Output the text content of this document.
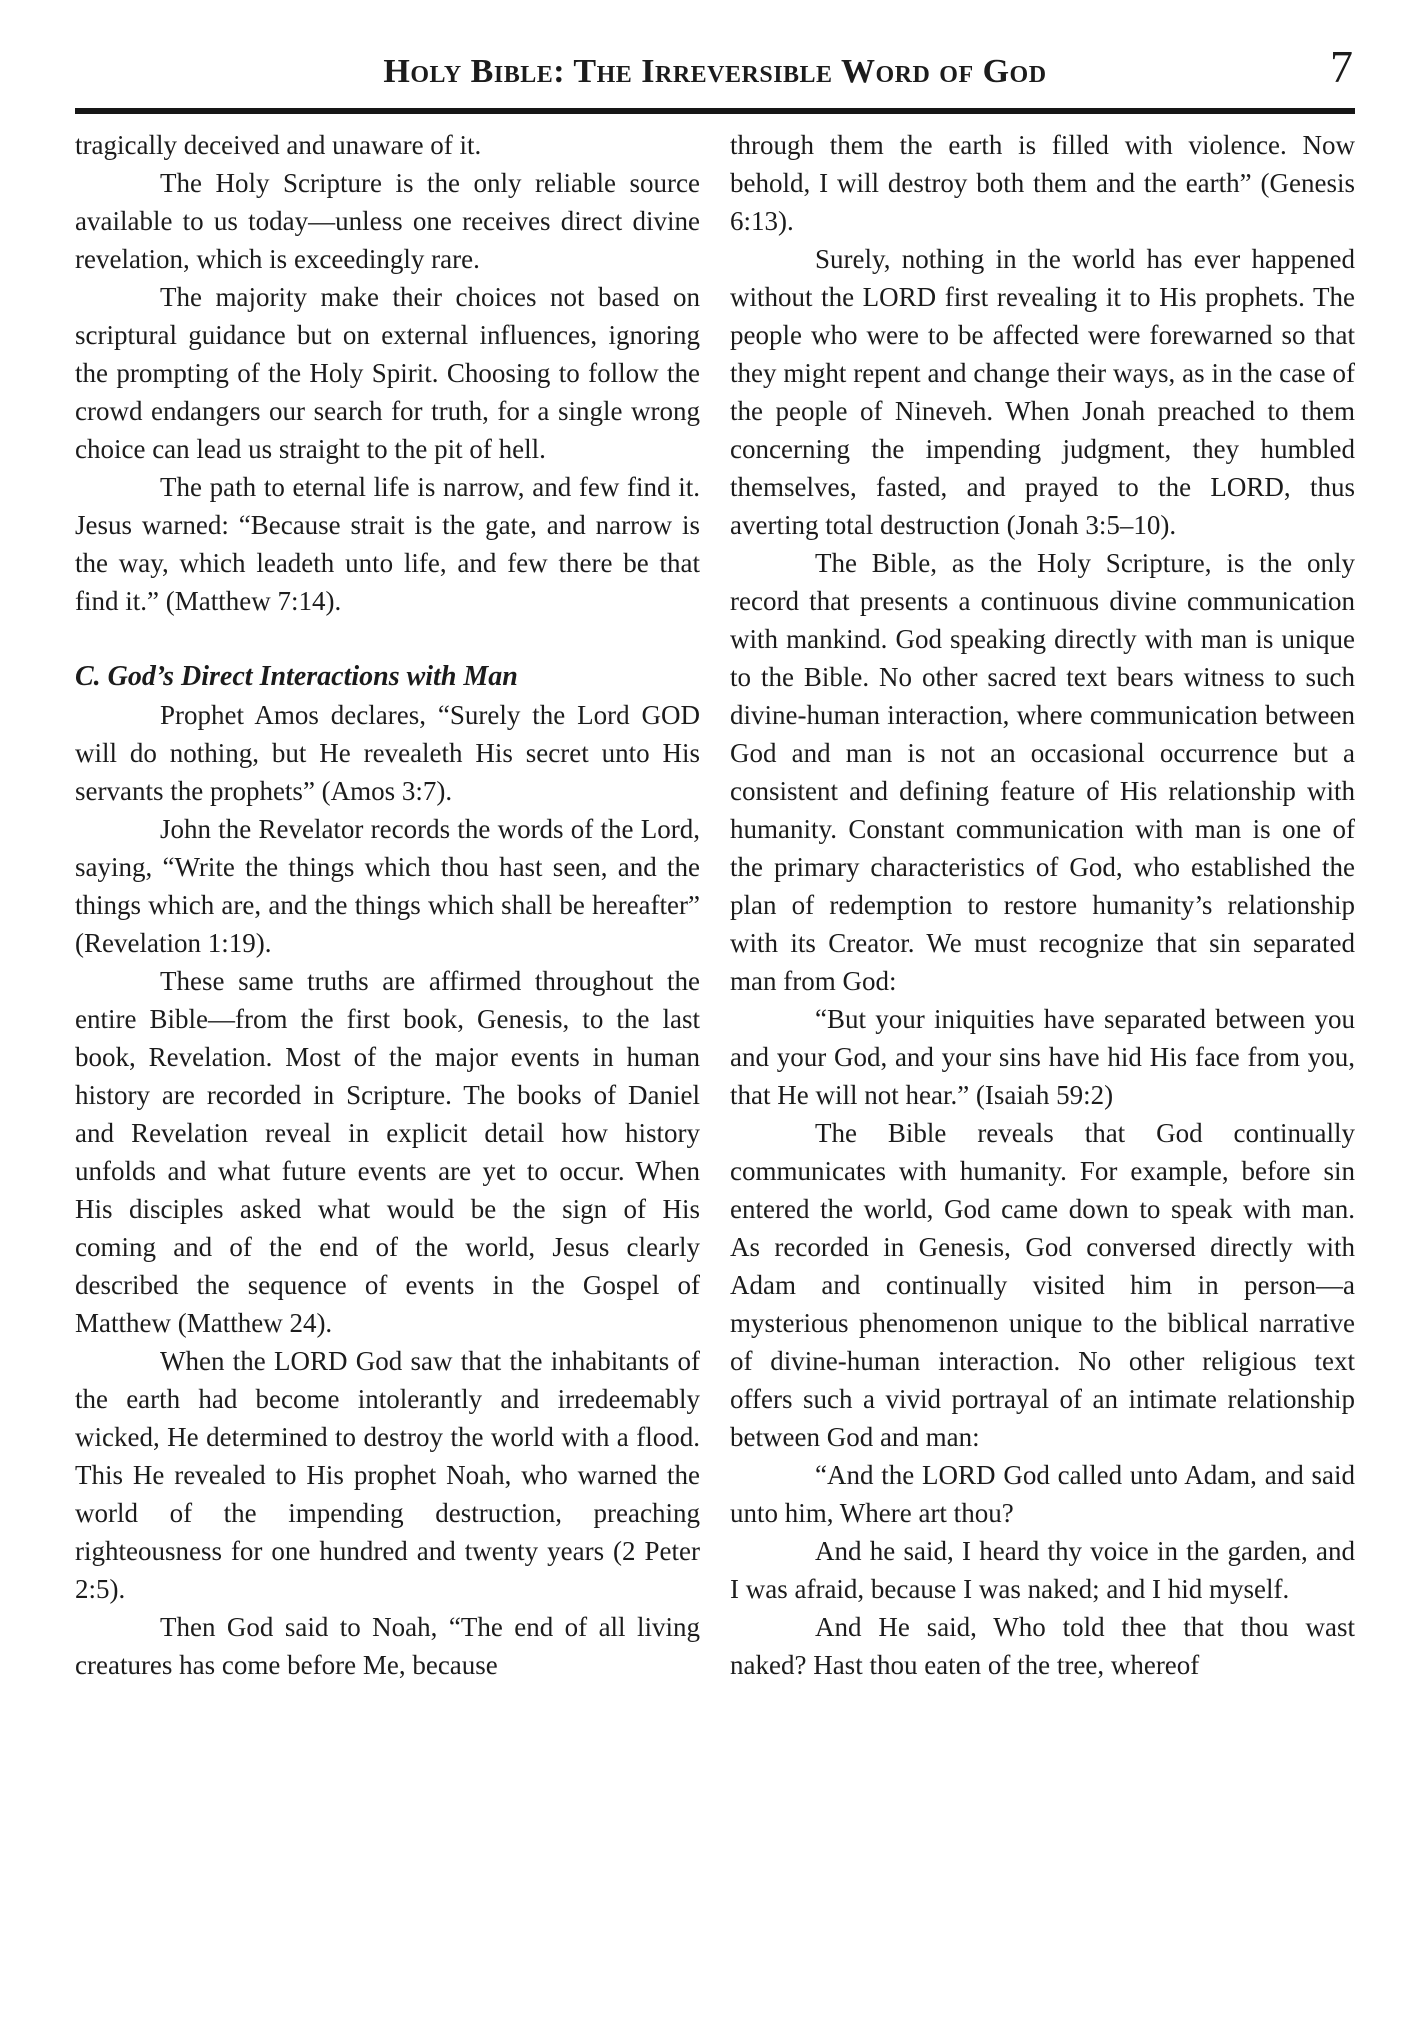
Holy Bible: The Irreversible Word of God	7

tragically deceived and unaware of it.

The Holy Scripture is the only reliable source available to us today—unless one receives direct divine revelation, which is exceedingly rare.

The majority make their choices not based on scriptural guidance but on external influences, ignoring the prompting of the Holy Spirit. Choosing to follow the crowd endangers our search for truth, for a single wrong choice can lead us straight to the pit of hell.

The path to eternal life is narrow, and few find it. Jesus warned: “Because strait is the gate, and narrow is the way, which leadeth unto life, and few there be that find it.” (Matthew 7:14).

C. God’s Direct Interactions with Man

Prophet Amos declares, “Surely the Lord GOD will do nothing, but He revealeth His secret unto His servants the prophets” (Amos 3:7).

John the Revelator records the words of the Lord, saying, “Write the things which thou hast seen, and the things which are, and the things which shall be hereafter” (Revelation 1:19).

These same truths are affirmed throughout the entire Bible—from the first book, Genesis, to the last book, Revelation. Most of the major events in human history are recorded in Scripture. The books of Daniel and Revelation reveal in explicit detail how history unfolds and what future events are yet to occur. When His disciples asked what would be the sign of His coming and of the end of the world, Jesus clearly described the sequence of events in the Gospel of Matthew (Matthew 24).

When the LORD God saw that the inhabitants of the earth had become intolerantly and irredeemably wicked, He determined to destroy the world with a flood. This He revealed to His prophet Noah, who warned the world of the impending destruction, preaching righteousness for one hundred and twenty years (2 Peter 2:5).

Then God said to Noah, “The end of all living creatures has come before Me, because

through them the earth is filled with violence. Now behold, I will destroy both them and the earth” (Genesis 6:13).

Surely, nothing in the world has ever happened without the LORD first revealing it to His prophets. The people who were to be affected were forewarned so that they might repent and change their ways, as in the case of the people of Nineveh. When Jonah preached to them concerning the impending judgment, they humbled themselves, fasted, and prayed to the LORD, thus averting total destruction (Jonah 3:5–10).

The Bible, as the Holy Scripture, is the only record that presents a continuous divine communication with mankind. God speaking directly with man is unique to the Bible. No other sacred text bears witness to such divine-human interaction, where communication between God and man is not an occasional occurrence but a consistent and defining feature of His relationship with humanity. Constant communication with man is one of the primary characteristics of God, who established the plan of redemption to restore humanity’s relationship with its Creator. We must recognize that sin separated man from God:

“But your iniquities have separated between you and your God, and your sins have hid His face from you, that He will not hear.” (Isaiah 59:2)

The Bible reveals that God continually communicates with humanity. For example, before sin entered the world, God came down to speak with man. As recorded in Genesis, God conversed directly with Adam and continually visited him in person—a mysterious phenomenon unique to the biblical narrative of divine-human interaction. No other religious text offers such a vivid portrayal of an intimate relationship between God and man:

“And the LORD God called unto Adam, and said unto him, Where art thou?

And he said, I heard thy voice in the garden, and I was afraid, because I was naked; and I hid myself.

And He said, Who told thee that thou wast naked? Hast thou eaten of the tree, whereof
